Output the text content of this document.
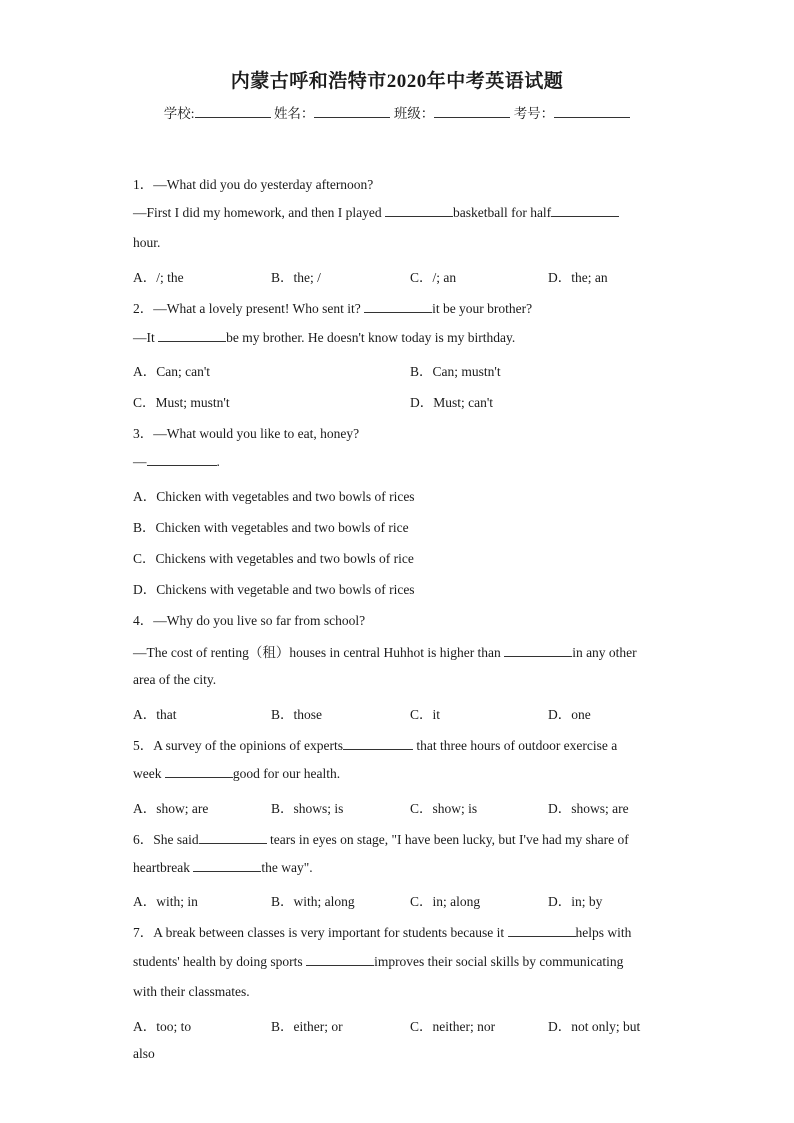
内蒙古呼和浩特市2020年中考英语试题
学校:	姓名：	班级：	考号：
1．—What did you do yesterday afternoon?
—First I did my homework, and then I played	basketball for half
hour.
A．/; the	B．the; /	C．/; an	D．the; an
2．—What a lovely present! Who sent it?	it be your brother?
—It	be my brother. He doesn't know today is my birthday.
A．Can; can't	B．Can; mustn't
C．Must; mustn't	D．Must; can't
3．—What would you like to eat, honey?
—	.
A．Chicken with vegetables and two bowls of rices
B．Chicken with vegetables and two bowls of rice
C．Chickens with vegetables and two bowls of rice
D．Chickens with vegetable and two bowls of rices
4．—Why do you live so far from school?
—The cost of renting（租）houses in central Huhhot is higher than	in any other
area of the city.
A．that	B．those	C．it	D．one
5．A survey of the opinions of experts	that three hours of outdoor exercise a
week	good for our health.
A．show; are	B．shows; is	C．show; is	D．shows; are
6．She said	tears in eyes on stage, "I have been lucky, but I've had my share of
heartbreak	the way".
A．with; in	B．with; along	C．in; along	D．in; by
7．A break between classes is very important for students because it	helps with
students' health by doing sports	improves their social skills by communicating
with their classmates.
A．too; to	B．either; or	C．neither; nor	D．not only; but
also
